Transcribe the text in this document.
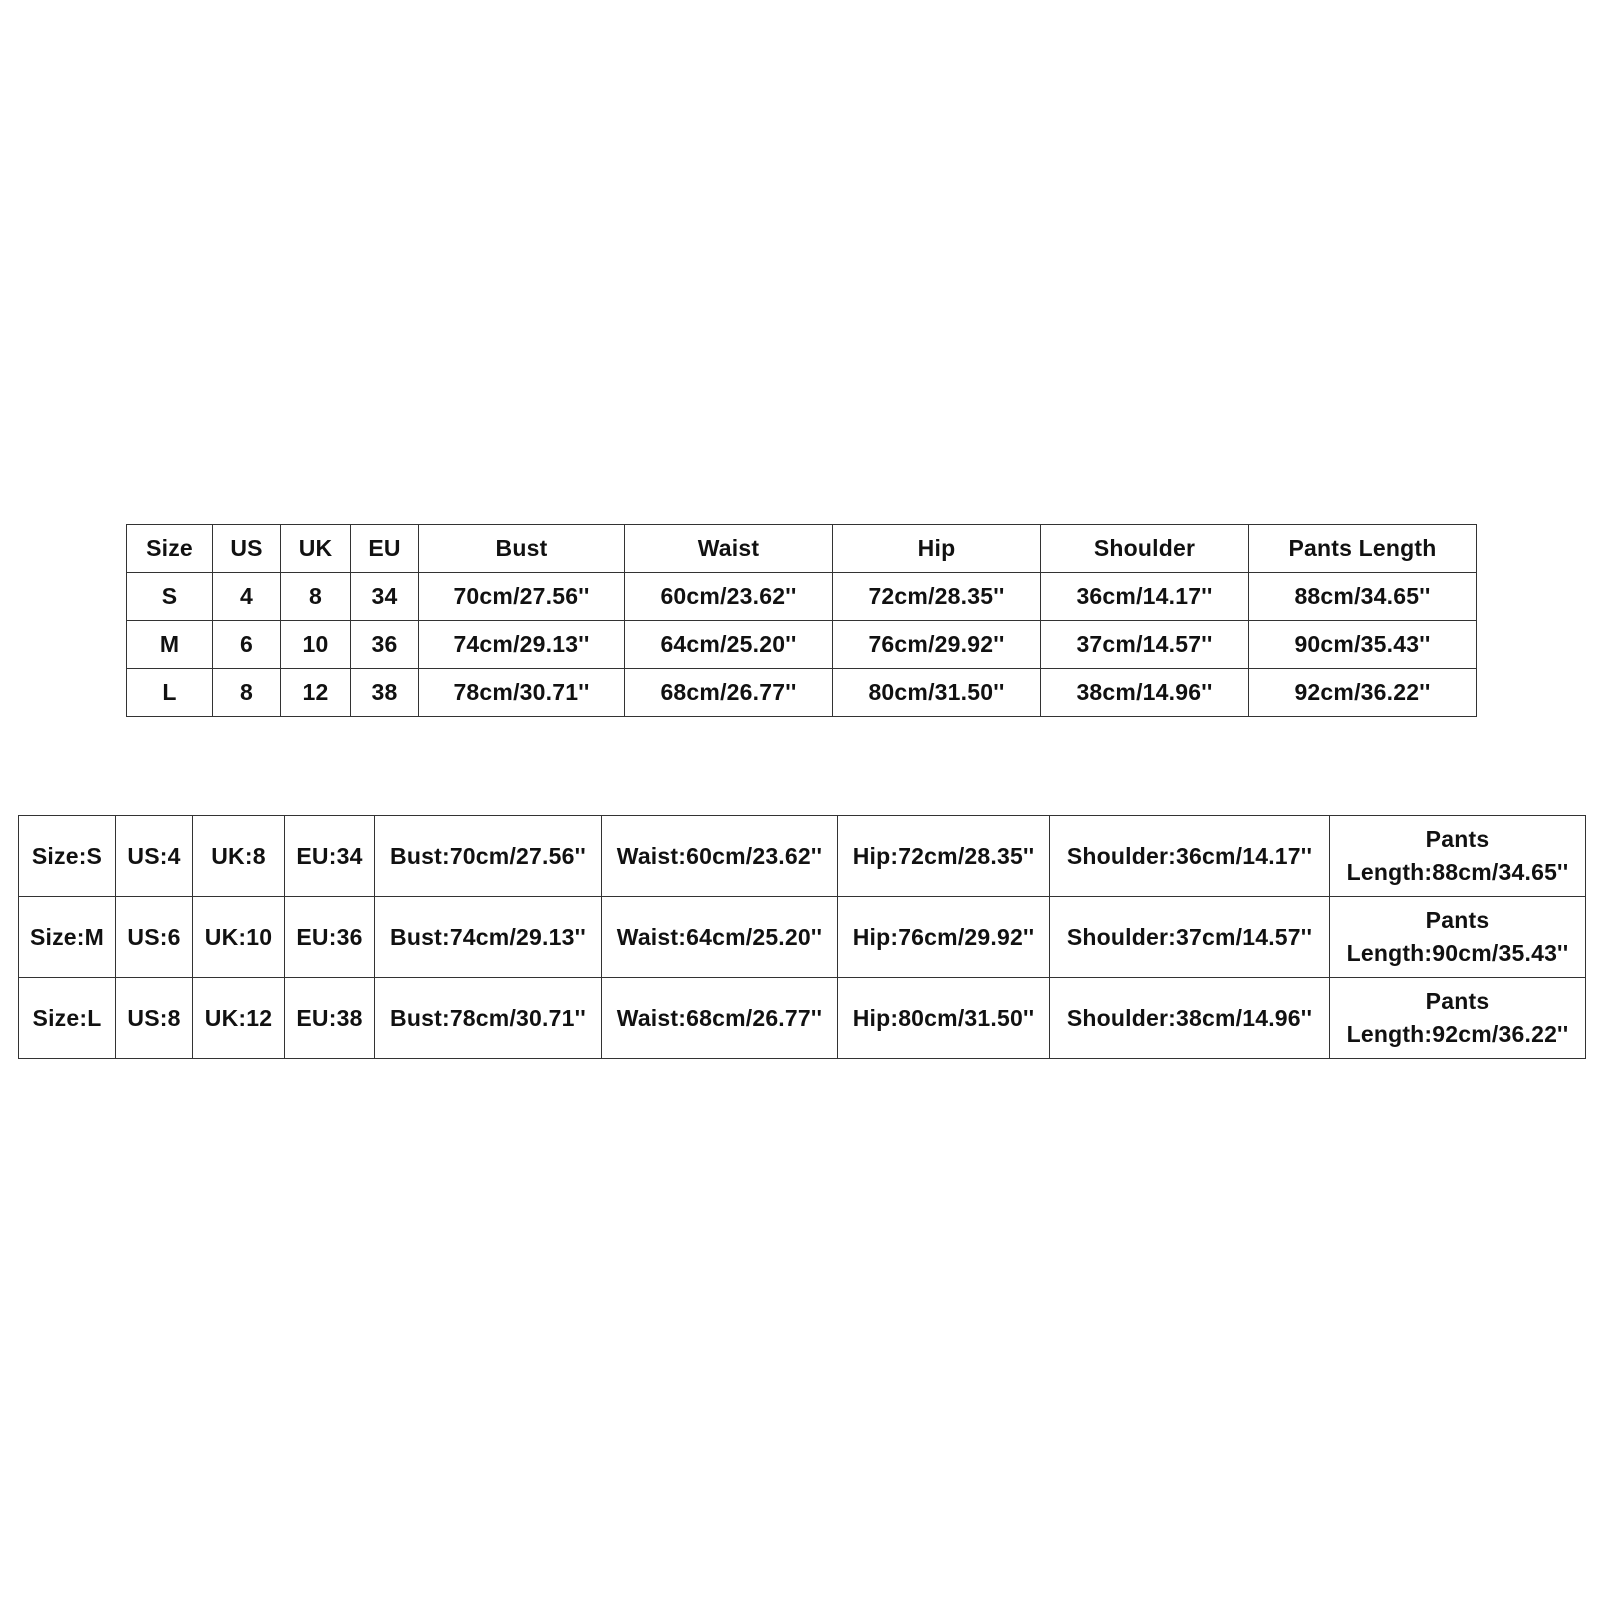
Size	US	UK	EU	Bust	Waist	Hip	Shoulder	Pants Length
S	4	8	34	70cm/27.56''	60cm/23.62''	72cm/28.35''	36cm/14.17''	88cm/34.65''
M	6	10	36	74cm/29.13''	64cm/25.20''	76cm/29.92''	37cm/14.57''	90cm/35.43''
L	8	12	38	78cm/30.71''	68cm/26.77''	80cm/31.50''	38cm/14.96''	92cm/36.22''
Size:S	US:4	UK:8	EU:34	Bust:70cm/27.56''	Waist:60cm/23.62''	Hip:72cm/28.35''	Shoulder:36cm/14.17''	Pants Length:88cm/34.65''
Size:M	US:6	UK:10	EU:36	Bust:74cm/29.13''	Waist:64cm/25.20''	Hip:76cm/29.92''	Shoulder:37cm/14.57''	Pants Length:90cm/35.43''
Size:L	US:8	UK:12	EU:38	Bust:78cm/30.71''	Waist:68cm/26.77''	Hip:80cm/31.50''	Shoulder:38cm/14.96''	Pants Length:92cm/36.22''
